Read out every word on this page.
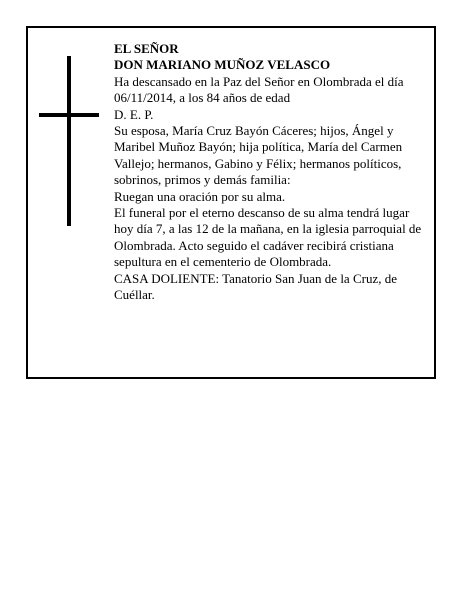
EL SEÑOR

DON MARIANO MUÑOZ VELASCO

Ha descansado en la Paz del Señor en Olombrada el día 06/11/2014, a los 84 años de edad

D. E. P.

Su esposa, María Cruz Bayón Cáceres; hijos, Ángel y Maribel Muñoz Bayón; hija política, María del Carmen Vallejo; hermanos, Gabino y Félix; hermanos políticos, sobrinos, primos y demás familia:

Ruegan una oración por su alma.

El funeral por el eterno descanso de su alma tendrá lugar hoy día 7, a las 12 de la mañana, en la iglesia parroquial de Olombrada. Acto seguido el cadáver recibirá cristiana sepultura en el cementerio de Olombrada.

CASA DOLIENTE: Tanatorio San Juan de la Cruz, de Cuéllar.
